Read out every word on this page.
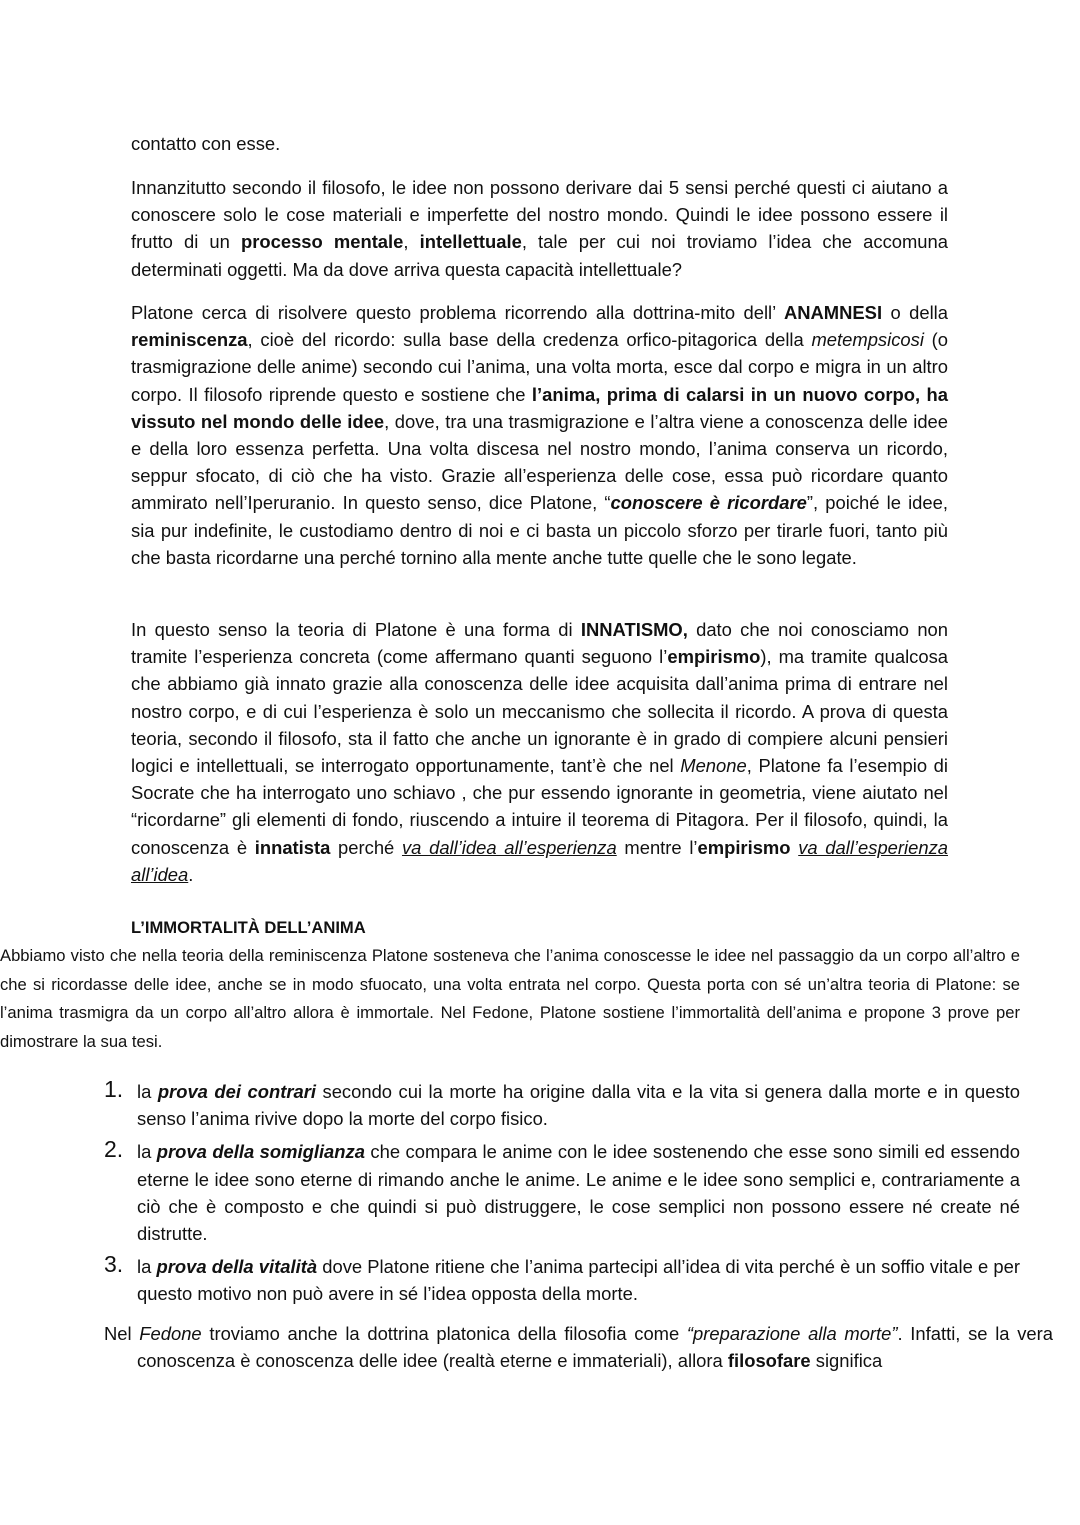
contatto con esse.

Innanzitutto secondo il filosofo, le idee non possono derivare dai 5 sensi perché questi ci aiutano a conoscere solo le cose materiali e imperfette del nostro mondo. Quindi le idee possono essere il frutto di un processo mentale, intellettuale, tale per cui noi troviamo l’idea che accomuna determinati oggetti. Ma da dove arriva questa capacità intellettuale?

Platone cerca di risolvere questo problema ricorrendo alla dottrina-mito dell’ ANAMNESI o della reminiscenza, cioè del ricordo: sulla base della credenza orfico-pitagorica della metempsicosi (o trasmigrazione delle anime) secondo cui l’anima, una volta morta, esce dal corpo e migra in un altro corpo. Il filosofo riprende questo e sostiene che l’anima, prima di calarsi in un nuovo corpo, ha vissuto nel mondo delle idee, dove, tra una trasmigrazione e l’altra viene a conoscenza delle idee e della loro essenza perfetta. Una volta discesa nel nostro mondo, l’anima conserva un ricordo, seppur sfocato, di ciò che ha visto. Grazie all’esperienza delle cose, essa può ricordare quanto ammirato nell’Iperuranio. In questo senso, dice Platone, “conoscere è ricordare”, poiché le idee, sia pur indefinite, le custodiamo dentro di noi e ci basta un piccolo sforzo per tirarle fuori, tanto più che basta ricordarne una perché tornino alla mente anche tutte quelle che le sono legate.

In questo senso la teoria di Platone è una forma di INNATISMO, dato che noi conosciamo non tramite l’esperienza concreta (come affermano quanti seguono l’empirismo), ma tramite qualcosa che abbiamo già innato grazie alla conoscenza delle idee acquisita dall’anima prima di entrare nel nostro corpo, e di cui l’esperienza è solo un meccanismo che sollecita il ricordo. A prova di questa teoria, secondo il filosofo, sta il fatto che anche un ignorante è in grado di compiere alcuni pensieri logici e intellettuali, se interrogato opportunamente, tant’è che nel Menone, Platone fa l’esempio di Socrate che ha interrogato uno schiavo , che pur essendo ignorante in geometria, viene aiutato nel “ricordarne” gli elementi di fondo, riuscendo a intuire il teorema di Pitagora. Per il filosofo, quindi, la conoscenza è innatista perché va dall’idea all’esperienza mentre l’empirismo va dall’esperienza all’idea.

L’IMMORTALITÀ DELL’ANIMA

Abbiamo visto che nella teoria della reminiscenza Platone sosteneva che l’anima conoscesse le idee nel passaggio da un corpo all’altro e che si ricordasse delle idee, anche se in modo sfuocato, una volta entrata nel corpo. Questa porta con sé un’altra teoria di Platone: se l’anima trasmigra da un corpo all’altro allora è immortale. Nel Fedone, Platone sostiene l’immortalità dell’anima e propone 3 prove per dimostrare la sua tesi.

1. la prova dei contrari secondo cui la morte ha origine dalla vita e la vita si genera dalla morte e in questo senso l’anima rivive dopo la morte del corpo fisico.
2. la prova della somiglianza che compara le anime con le idee sostenendo che esse sono simili ed essendo eterne le idee sono eterne di rimando anche le anime. Le anime e le idee sono semplici e, contrariamente a ciò che è composto e che quindi si può distruggere, le cose semplici non possono essere né create né distrutte.
3. la prova della vitalità dove Platone ritiene che l’anima partecipi all’idea di vita perché è un soffio vitale e per questo motivo non può avere in sé l’idea opposta della morte.

Nel Fedone troviamo anche la dottrina platonica della filosofia come “preparazione alla morte”. Infatti, se la vera conoscenza è conoscenza delle idee (realtà eterne e immateriali), allora filosofare significa
